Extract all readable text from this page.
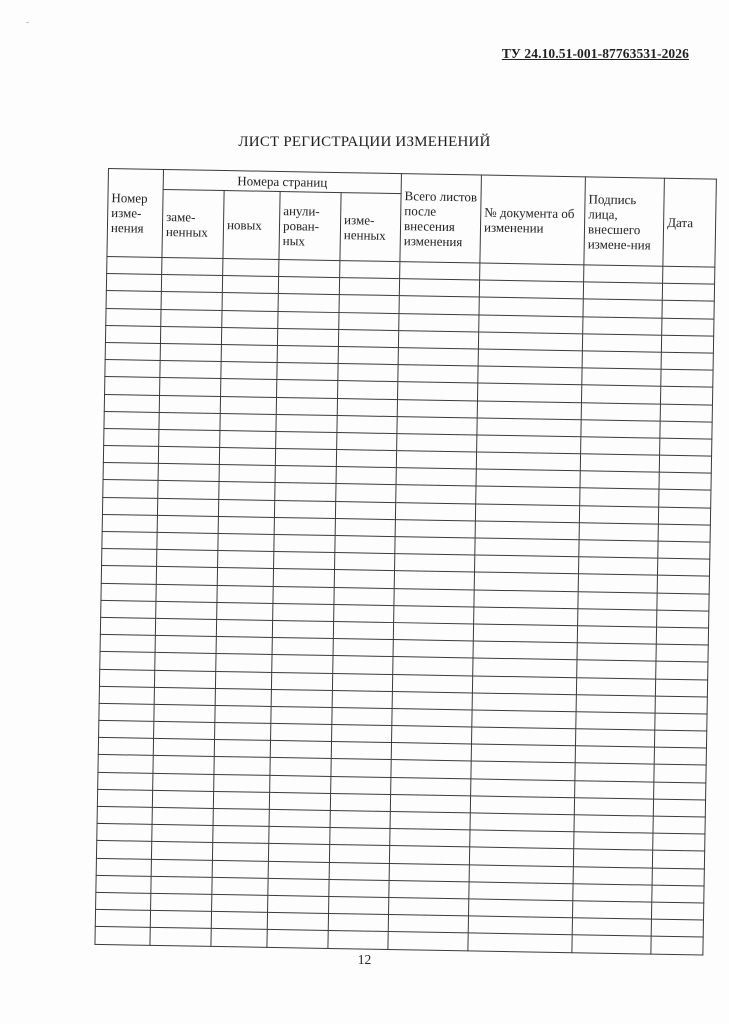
ТУ 24.10.51-001-87763531-2026
ЛИСТ РЕГИСТРАЦИИ ИЗМЕНЕНИЙ
Номер изме-нения	Номера страниц				Всего листов после внесения изменения	№ документа об изменении	Подпись лица, внесшего измене-ния	Дата
	заме-ненных	новых	анули-рован-ных	изме-ненных				

12
